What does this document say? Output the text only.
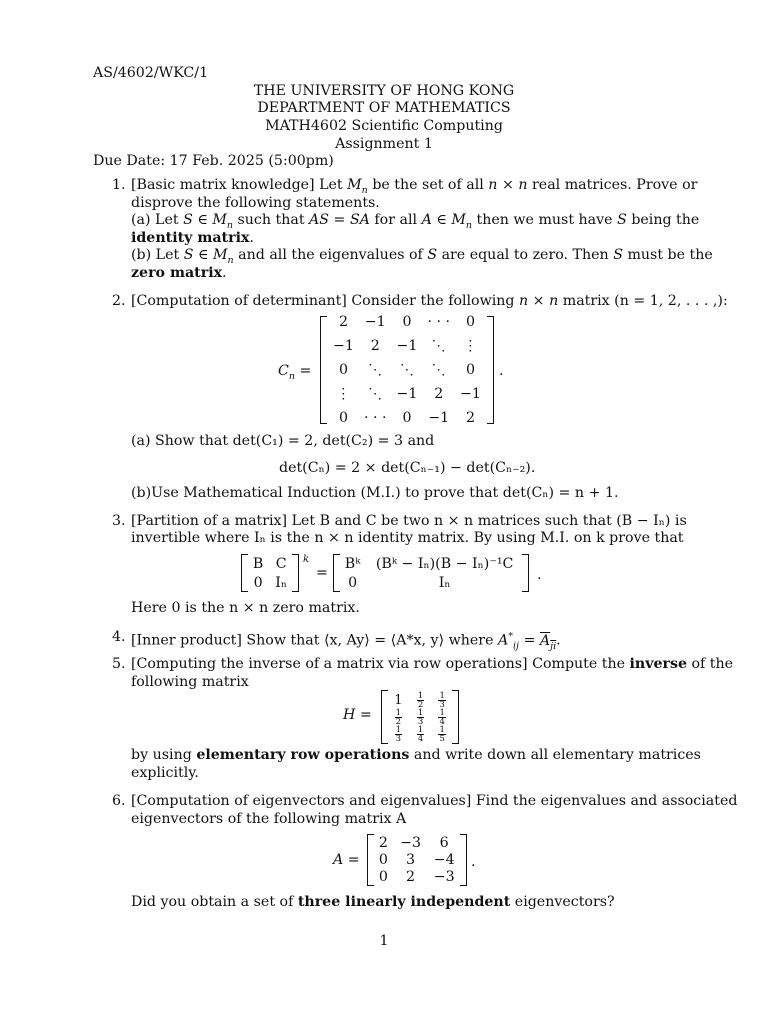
AS/4602/WKC/1
THE UNIVERSITY OF HONG KONG
DEPARTMENT OF MATHEMATICS
MATH4602 Scientific Computing
Assignment 1
Due Date: 17 Feb. 2025 (5:00pm)
1. [Basic matrix knowledge] Let $M_n$ be the set of all n × n real matrices. Prove or
disprove the following statements.
(a) Let S ∈ $M_n$ such that AS = SA for all A ∈ $M_n$ then we must have S being the
identity matrix.
(b) Let S ∈ $M_n$ and all the eigenvalues of S are equal to zero. Then S must be the
zero matrix.
2. [Computation of determinant] Consider the following n × n matrix (n = 1, 2, . . . ,):
$C_n$ =
2	−1	0	· · ·	0
−1	2	−1	⋱	⋮
0	⋱	⋱	⋱	0
⋮	⋱	−1	2	−1
0	· · ·	0	−1	2
.
(a) Show that det(C₁) = 2, det(C₂) = 3 and
det(Cₙ) = 2 × det(Cₙ₋₁) − det(Cₙ₋₂).
(b)Use Mathematical Induction (M.I.) to prove that det(Cₙ) = n + 1.
3. [Partition of a matrix] Let B and C be two n × n matrices such that (B − Iₙ) is
invertible where Iₙ is the n × n identity matrix. By using M.I. on k prove that
B	C
0	Iₙ
k
=
Bᵏ	(Bᵏ − Iₙ)(B − Iₙ)⁻¹C
0	Iₙ	.
Here 0 is the n × n zero matrix.
4. [Inner product] Show that ⟨x, Ay⟩ = ⟨A*x, y⟩ where $A^*_{ij} = A_{ji}$.
5. [Computing the inverse of a matrix via row operations] Compute the inverse of the
following matrix
H =
1	$\frac{1}{2}$	$\frac{1}{3}$

$\frac{1}{2}$	$\frac{1}{3}$	$\frac{1}{4}$

$\frac{1}{3}$	$\frac{1}{4}$	$\frac{1}{5}$
by using elementary row operations and write down all elementary matrices
explicitly.
6. [Computation of eigenvectors and eigenvalues] Find the eigenvalues and associated
eigenvectors of the following matrix A
A =
2	−3	6
0	3	−4
0	2	−3
.
Did you obtain a set of three linearly independent eigenvectors?
1
